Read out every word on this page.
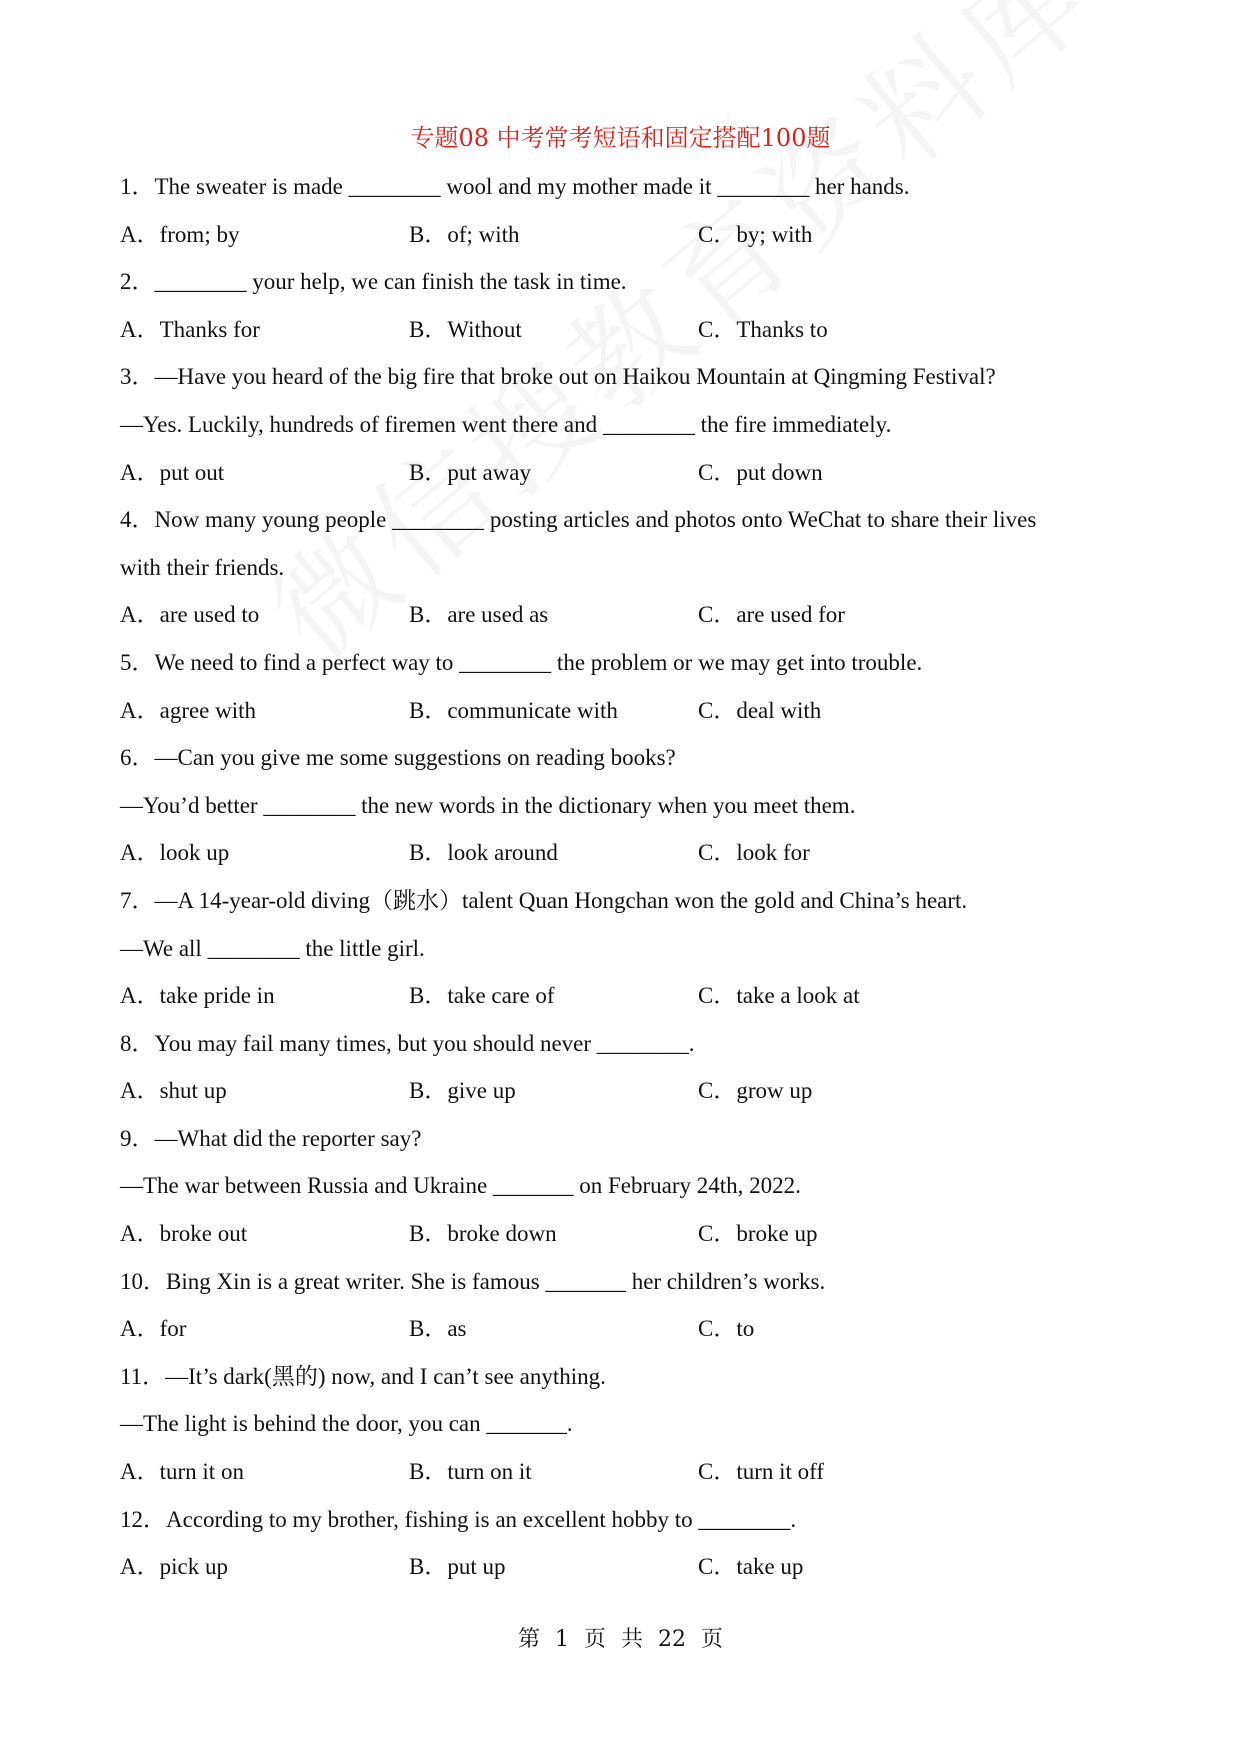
专题08 中考常考短语和固定搭配100题
1．The sweater is made ________ wool and my mother made it ________ her hands.
A．from; by	B．of; with	C．by; with
2．________ your help, we can finish the task in time.
A．Thanks for	B．Without	C．Thanks to
3．—Have you heard of the big fire that broke out on Haikou Mountain at Qingming Festival?
—Yes. Luckily, hundreds of firemen went there and ________ the fire immediately.
A．put out	B．put away	C．put down
4．Now many young people ________ posting articles and photos onto WeChat to share their lives
with their friends.
A．are used to	B．are used as	C．are used for
5．We need to find a perfect way to ________ the problem or we may get into trouble.
A．agree with	B．communicate with	C．deal with
6．—Can you give me some suggestions on reading books?
—You’d better ________ the new words in the dictionary when you meet them.
A．look up	B．look around	C．look for
7．—A 14-year-old diving（跳水）talent Quan Hongchan won the gold and China’s heart.
—We all ________ the little girl.
A．take pride in	B．take care of	C．take a look at
8．You may fail many times, but you should never ________.
A．shut up	B．give up	C．grow up
9．—What did the reporter say?
—The war between Russia and Ukraine _______ on February 24th, 2022.
A．broke out	B．broke down	C．broke up
10．Bing Xin is a great writer. She is famous _______ her children’s works.
A．for	B．as	C．to
11．—It’s dark(黑的) now, and I can’t see anything.
—The light is behind the door, you can _______.
A．turn it on	B．turn on it	C．turn it off
12．According to my brother, fishing is an excellent hobby to ________.
A．pick up	B．put up	C．take up
第 1 页 共 22 页
